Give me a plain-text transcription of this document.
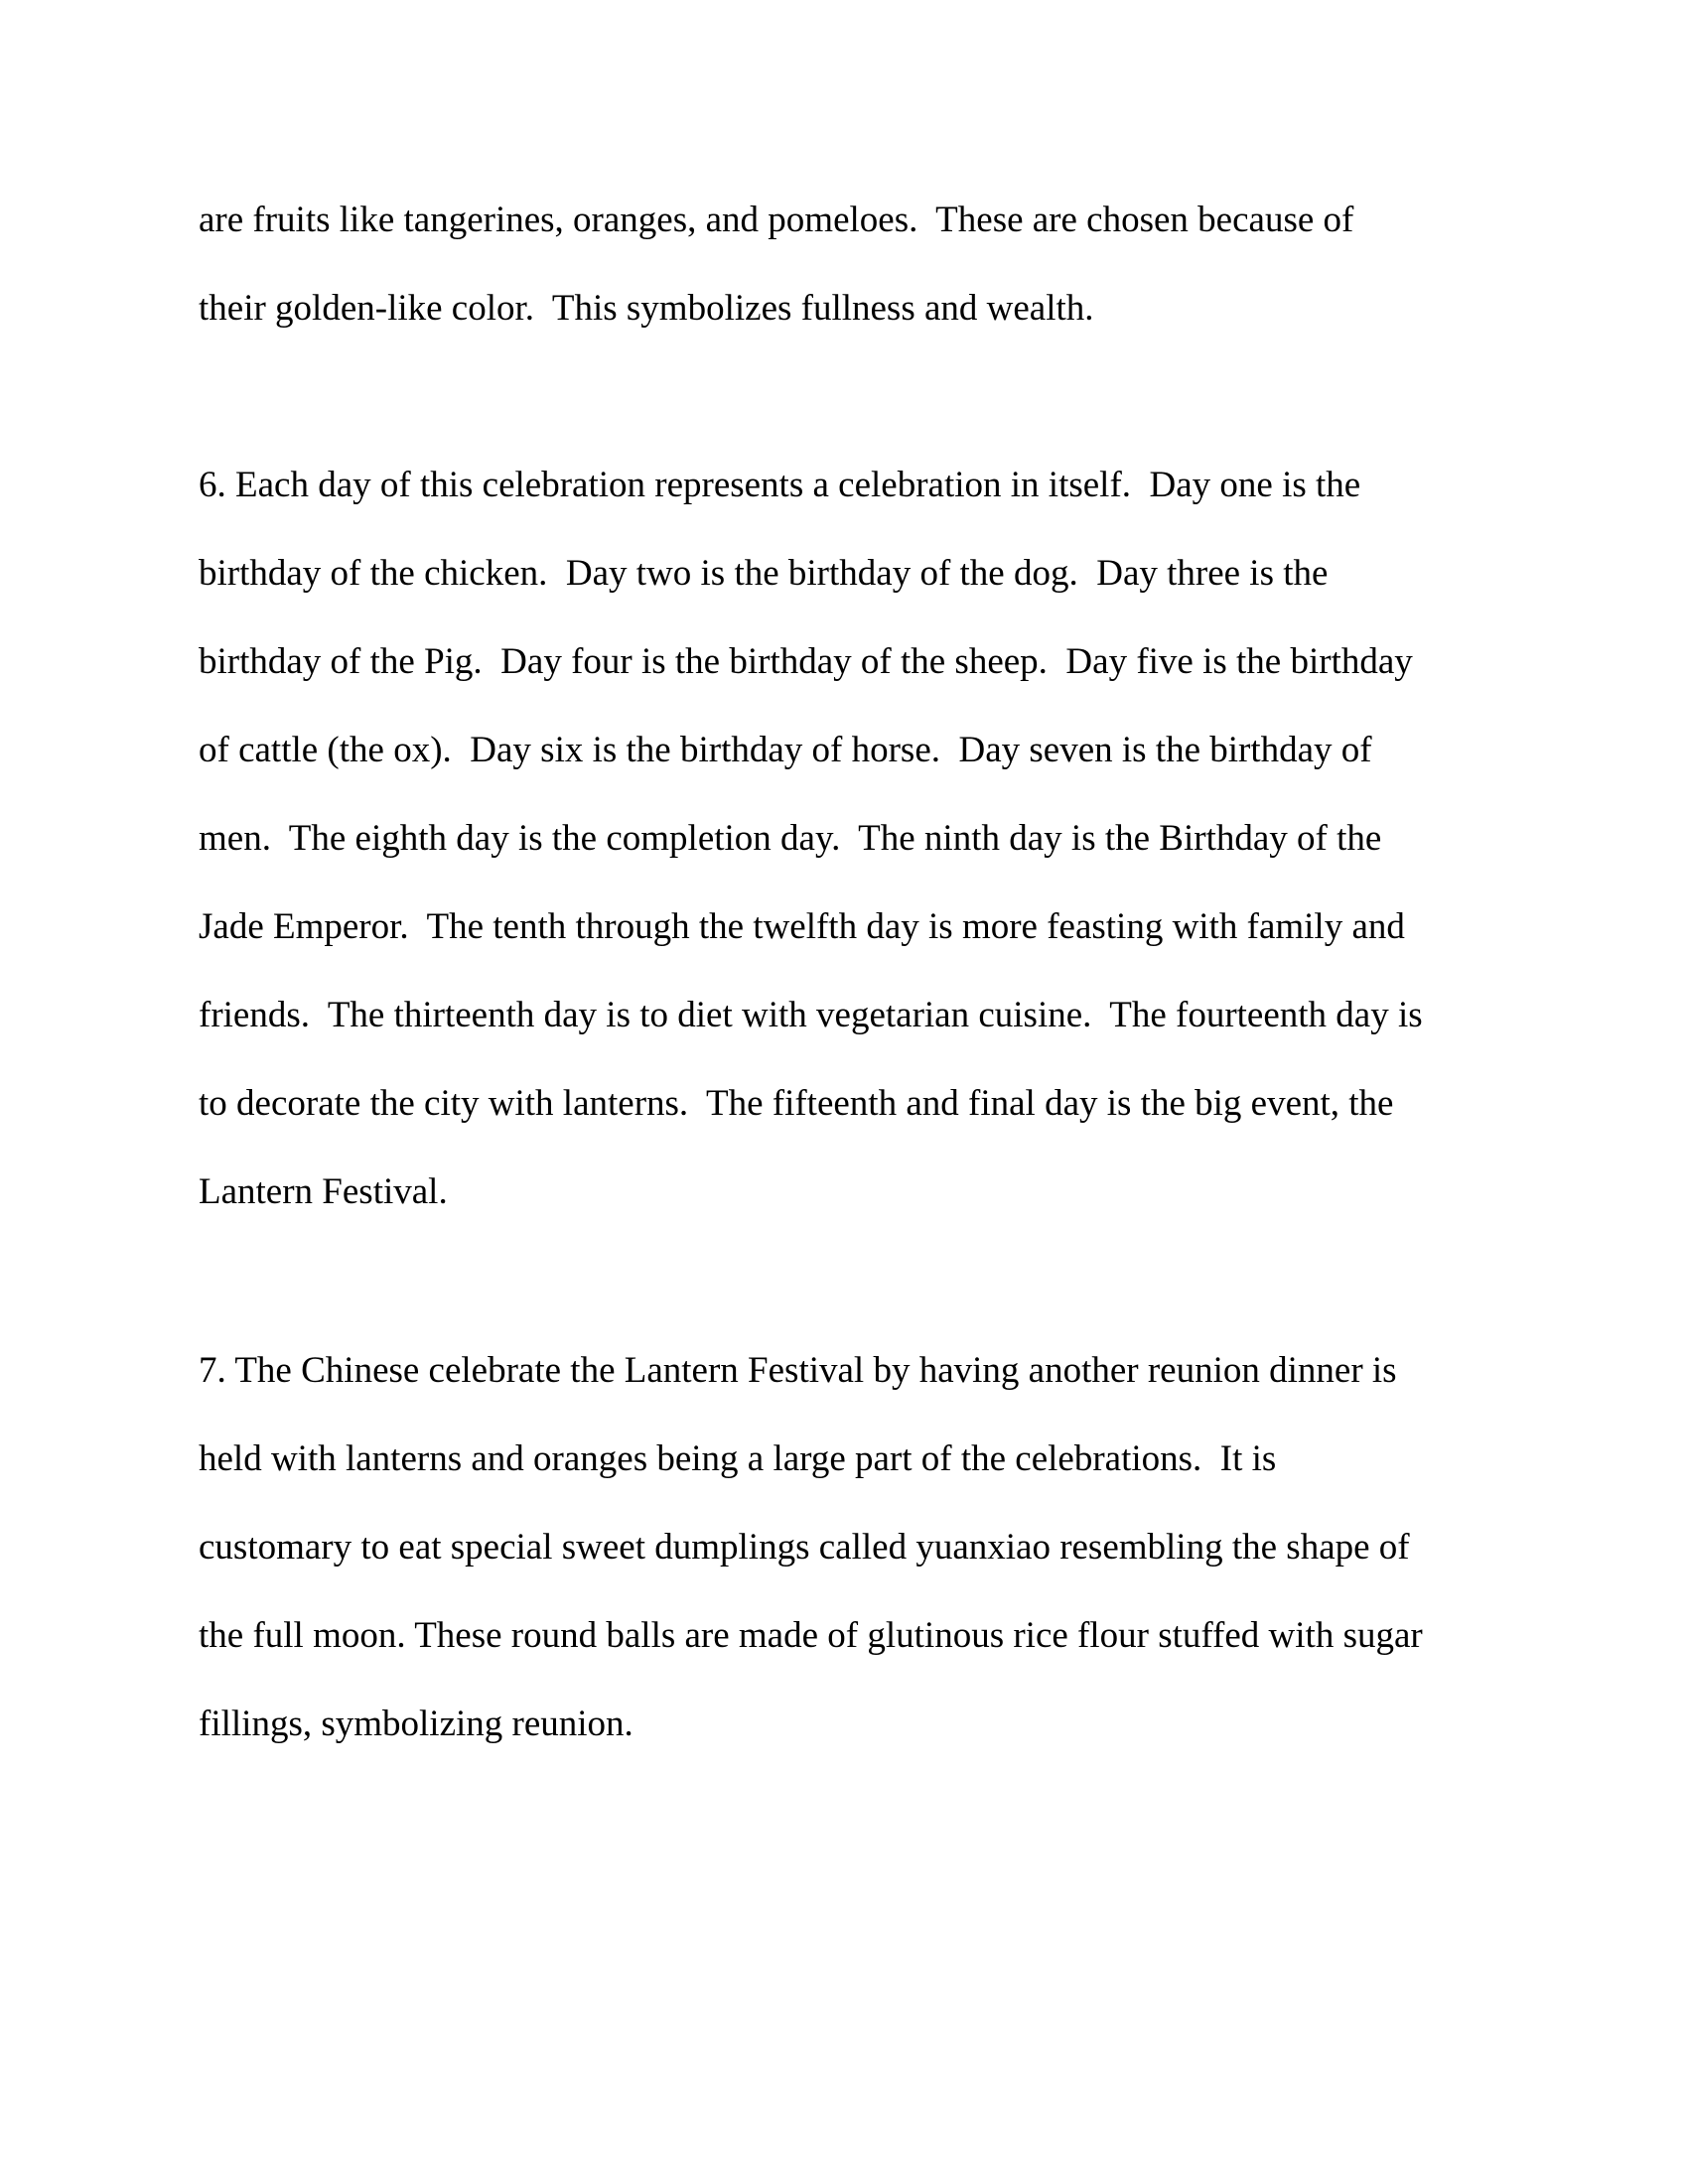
are fruits like tangerines, oranges, and pomeloes.  These are chosen because of
their golden-like color.  This symbolizes fullness and wealth.
6. Each day of this celebration represents a celebration in itself.  Day one is the
birthday of the chicken.  Day two is the birthday of the dog.  Day three is the
birthday of the Pig.  Day four is the birthday of the sheep.  Day five is the birthday
of cattle (the ox).  Day six is the birthday of horse.  Day seven is the birthday of
men.  The eighth day is the completion day.  The ninth day is the Birthday of the
Jade Emperor.  The tenth through the twelfth day is more feasting with family and
friends.  The thirteenth day is to diet with vegetarian cuisine.  The fourteenth day is
to decorate the city with lanterns.  The fifteenth and final day is the big event, the
Lantern Festival.
7. The Chinese celebrate the Lantern Festival by having another reunion dinner is
held with lanterns and oranges being a large part of the celebrations.  It is
customary to eat special sweet dumplings called yuanxiao resembling the shape of
the full moon. These round balls are made of glutinous rice flour stuffed with sugar
fillings, symbolizing reunion.
